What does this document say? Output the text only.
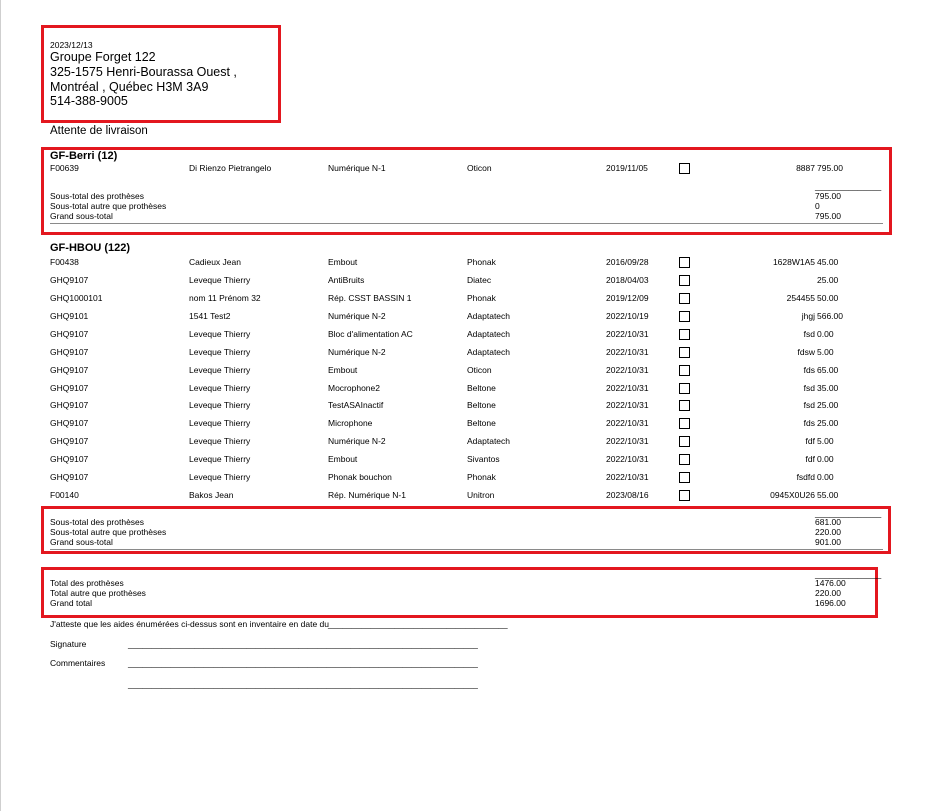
2023/12/13
Groupe Forget 122
325-1575 Henri-Bourassa Ouest ,
Montréal , Québec H3M 3A9
514-388-9005
Attente de livraison
GF-Berri (12)
F00639	Di Rienzo Pietrangelo	Numérique N-1	Oticon	2019/11/05	8887 795.00
______________
Sous-total des prothèses	795.00
Sous-total autre que prothèses	0
Grand sous-total	795.00
GF-HBOU (122)
F00438	Cadieux Jean	Embout	Phonak	2016/09/28	1628W1A5 45.00
GHQ9107	Leveque Thierry	AntiBruits	Diatec	2018/04/03	25.00
GHQ1000101	nom 11 Prénom 32	Rép. CSST BASSIN 1	Phonak	2019/12/09	254455 50.00
GHQ9101	1541 Test2	Numérique N-2	Adaptatech	2022/10/19	jhgj 566.00
GHQ9107	Leveque Thierry	Bloc d'alimentation AC	Adaptatech	2022/10/31	fsd 0.00
GHQ9107	Leveque Thierry	Numérique N-2	Adaptatech	2022/10/31	fdsw 5.00
GHQ9107	Leveque Thierry	Embout	Oticon	2022/10/31	fds 65.00
GHQ9107	Leveque Thierry	Mocrophone2	Beltone	2022/10/31	fsd 35.00
GHQ9107	Leveque Thierry	TestASAInactif	Beltone	2022/10/31	fsd 25.00
GHQ9107	Leveque Thierry	Microphone	Beltone	2022/10/31	fds 25.00
GHQ9107	Leveque Thierry	Numérique N-2	Adaptatech	2022/10/31	fdf 5.00
GHQ9107	Leveque Thierry	Embout	Sivantos	2022/10/31	fdf 0.00
GHQ9107	Leveque Thierry	Phonak bouchon	Phonak	2022/10/31	fsdfd 0.00
F00140	Bakos Jean	Rép. Numérique N-1	Unitron	2023/08/16	0945X0U26 55.00
______________
Sous-total des prothèses	681.00
Sous-total autre que prothèses	220.00
Grand sous-total	901.00
______________
Total des prothèses	1476.00
Total autre que prothèses	220.00
Grand total	1696.00
J'atteste que les aides énumérées ci-dessus sont en inventaire en date du ______________________________________
Signature	__________________________________________________________________________
Commentaires	__________________________________________________________________________
__________________________________________________________________________
